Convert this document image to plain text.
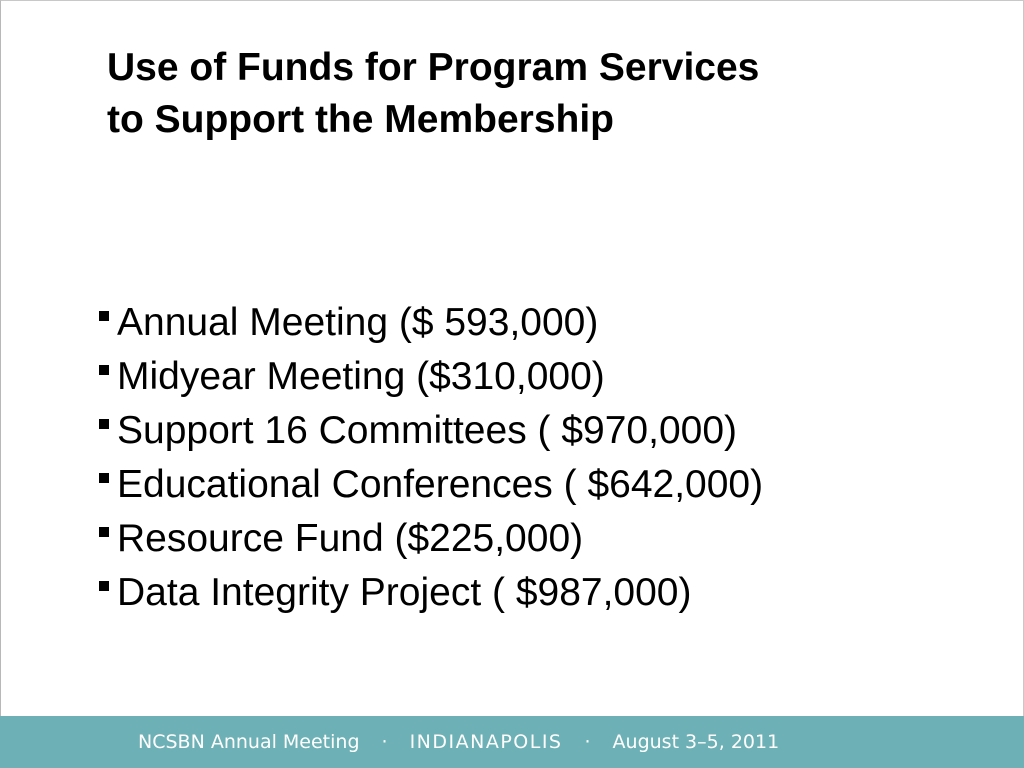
Use of Funds for Program Services
to Support the Membership
Annual Meeting ($ 593,000)
Midyear Meeting ($310,000)
Support 16 Committees ( $970,000)
Educational Conferences ( $642,000)
Resource Fund ($225,000)
Data Integrity Project ( $987,000)
NCSBN Annual Meeting · INDIANAPOLIS · August 3–5, 2011
